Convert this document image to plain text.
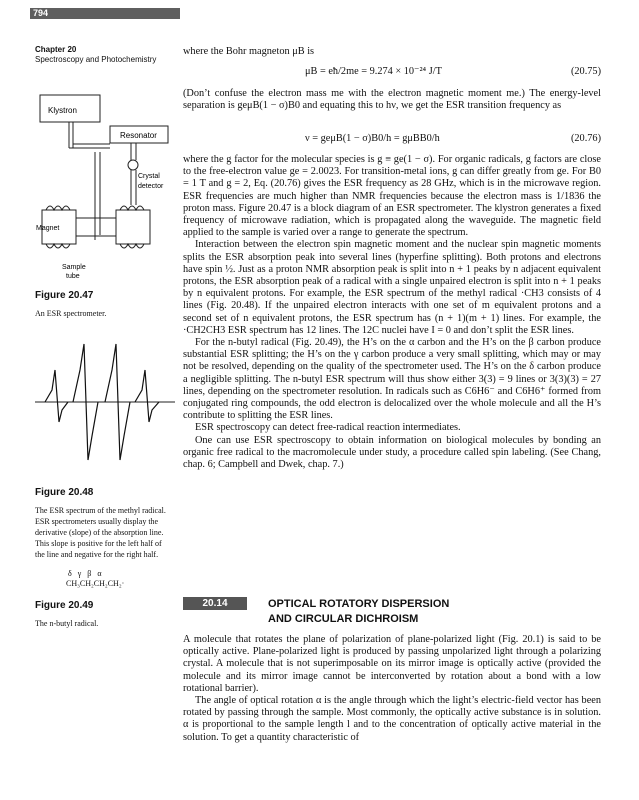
794
Chapter 20
Spectroscopy and Photochemistry
Klystron
Resonator
Crystal
detector
Magnet
Sample
tube
Figure 20.47
An ESR spectrometer.
Figure 20.48
The ESR spectrum of the methyl radical. ESR spectrometers usually display the derivative (slope) of the absorption line. This slope is positive for the left half of the line and negative for the right half.
δ γ β α
CH₃CH₂CH₂CH₂·
Figure 20.49
The n-butyl radical.
where the Bohr magneton μB is
μB = eħ/2me = 9.274 × 10⁻²⁴ J/T	(20.75)
(Don’t confuse the electron mass me with the electron magnetic moment me.) The energy-level separation is geμB(1 − σ)B0 and equating this to hν, we get the ESR transition frequency as
ν = geμB(1 − σ)B0/h = gμBB0/h	(20.76)

where the g factor for the molecular species is g ≡ ge(1 − σ). For organic radicals, g factors are close to the free-electron value ge = 2.0023. For transition-metal ions, g can differ greatly from ge. For B0 = 1 T and g = 2, Eq. (20.76) gives the ESR frequency as 28 GHz, which is in the microwave region. ESR frequencies are much higher than NMR frequencies because the electron mass is 1/1836 the proton mass. Figure 20.47 is a block diagram of an ESR spectrometer. The klystron generates a fixed frequency of microwave radiation, which is propagated along the waveguide. The magnetic field applied to the sample is varied over a range to generate the spectrum.

Interaction between the electron spin magnetic moment and the nuclear spin magnetic moments splits the ESR absorption peak into several lines (hyperfine splitting). Both protons and electrons have spin ½. Just as a proton NMR absorption peak is split into n + 1 peaks by n adjacent equivalent protons, the ESR absorption peak of a radical with a single unpaired electron is split into n + 1 peaks by n equivalent protons. For example, the ESR spectrum of the methyl radical ·CH3 consists of 4 lines (Fig. 20.48). If the unpaired electron interacts with one set of m equivalent protons and a second set of n equivalent protons, the ESR spectrum has (n + 1)(m + 1) lines. For example, the ·CH2CH3 ESR spectrum has 12 lines. The 12C nuclei have I = 0 and don’t split the ESR lines.

For the n-butyl radical (Fig. 20.49), the H’s on the α carbon and the H’s on the β carbon produce substantial ESR splitting; the H’s on the γ carbon produce a very small splitting, which may or may not be resolved, depending on the quality of the spectrometer used. The H’s on the δ carbon produce a negligible splitting. The n-butyl ESR spectrum will thus show either 3(3) = 9 lines or 3(3)(3) = 27 lines, depending on the spectrometer resolution. In radicals such as C6H6⁻ and C6H6⁺ formed from conjugated ring compounds, the odd electron is delocalized over the whole molecule and all the H’s contribute to splitting the ESR lines.

ESR spectroscopy can detect free-radical reaction intermediates.

One can use ESR spectroscopy to obtain information on biological molecules by bonding an organic free radical to the macromolecule under study, a procedure called spin labeling. (See Chang, chap. 6; Campbell and Dwek, chap. 7.)

20.14	OPTICAL ROTATORY DISPERSION
AND CIRCULAR DICHROISM

A molecule that rotates the plane of polarization of plane-polarized light (Fig. 20.1) is said to be optically active. Plane-polarized light is produced by passing unpolarized light through a polarizing crystal. A molecule that is not superimposable on its mirror image is optically active (provided the molecule and its mirror image cannot be interconverted by rotation about a bond with a low rotational barrier).

The angle of optical rotation α is the angle through which the light’s electric-field vector has been rotated by passing through the sample. Most commonly, the optically active substance is in solution. α is proportional to the sample length l and to the concentration of optically active material in the solution. To get a quantity characteristic of
